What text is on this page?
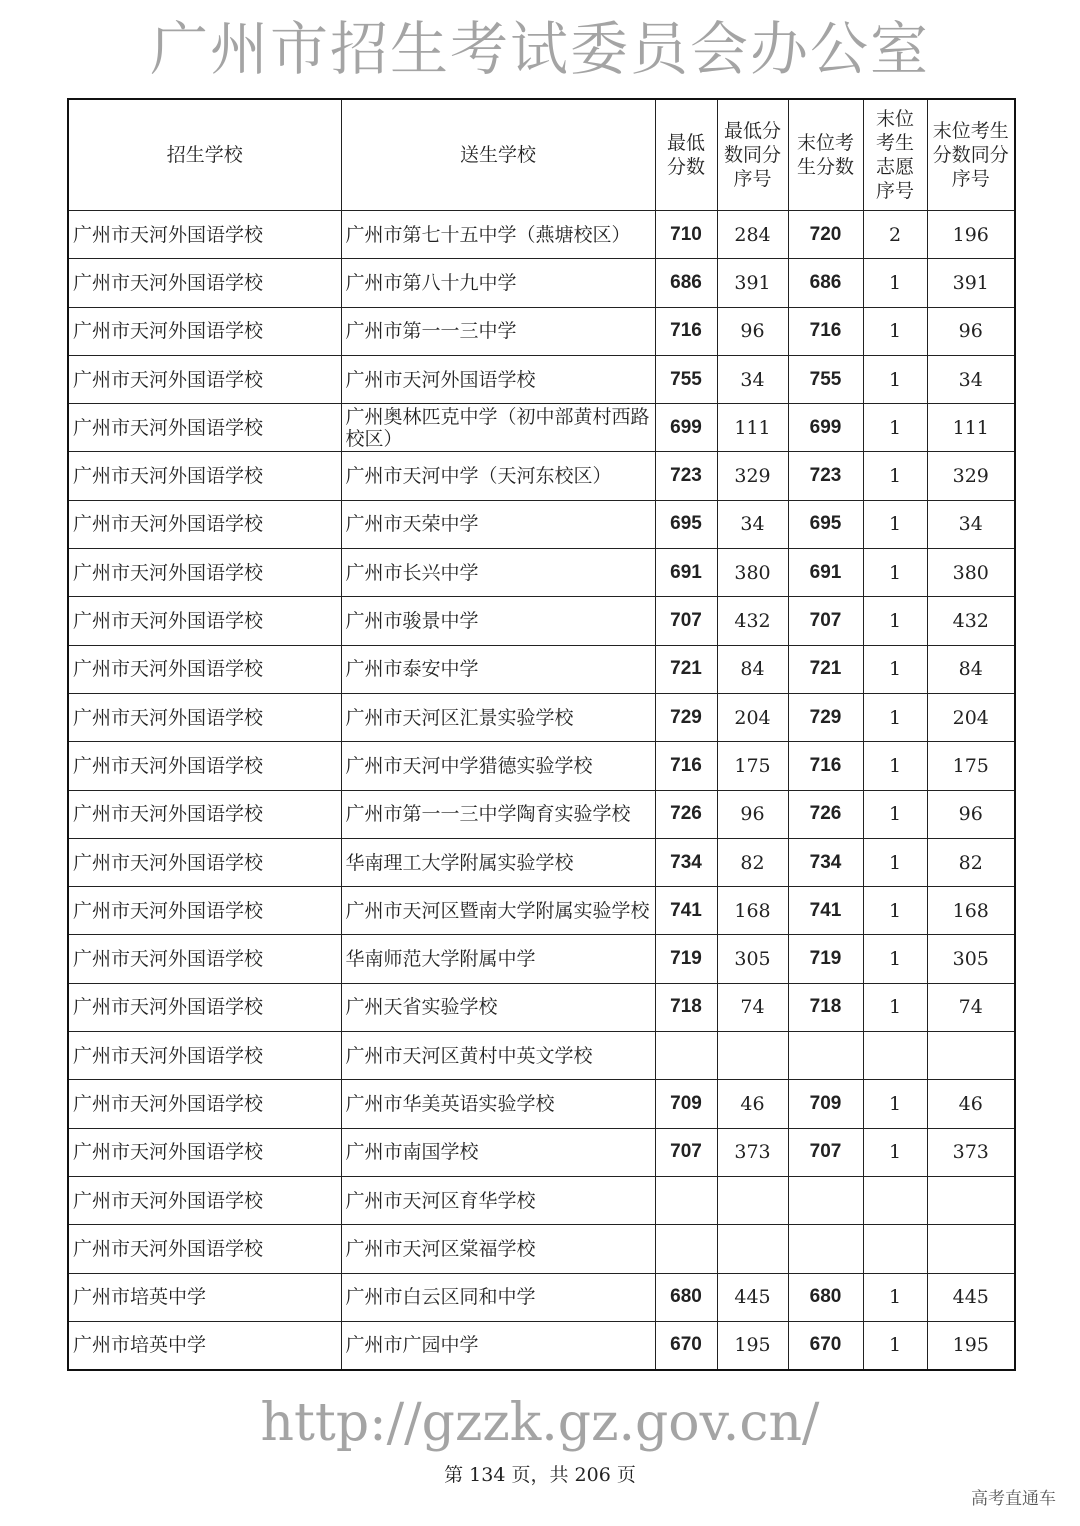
招生学校	送生学校	最低分数	最低分数同分序号	末位考生分数	末位考生志愿序号	末位考生分数同分序号
广州市天河外国语学校	广州市第七十五中学（燕塘校区）	710	284	720	2	196
广州市天河外国语学校	广州市第八十九中学	686	391	686	1	391
广州市天河外国语学校	广州市第一一三中学	716	96	716	1	96
广州市天河外国语学校	广州市天河外国语学校	755	34	755	1	34
广州市天河外国语学校	广州奥林匹克中学（初中部黄村西路校区）	699	111	699	1	111
广州市天河外国语学校	广州市天河中学（天河东校区）	723	329	723	1	329
广州市天河外国语学校	广州市天荣中学	695	34	695	1	34
广州市天河外国语学校	广州市长兴中学	691	380	691	1	380
广州市天河外国语学校	广州市骏景中学	707	432	707	1	432
广州市天河外国语学校	广州市泰安中学	721	84	721	1	84
广州市天河外国语学校	广州市天河区汇景实验学校	729	204	729	1	204
广州市天河外国语学校	广州市天河中学猎德实验学校	716	175	716	1	175
广州市天河外国语学校	广州市第一一三中学陶育实验学校	726	96	726	1	96
广州市天河外国语学校	华南理工大学附属实验学校	734	82	734	1	82
广州市天河外国语学校	广州市天河区暨南大学附属实验学校	741	168	741	1	168
广州市天河外国语学校	华南师范大学附属中学	719	305	719	1	305
广州市天河外国语学校	广州天省实验学校	718	74	718	1	74
广州市天河外国语学校	广州市天河区黄村中英文学校					
广州市天河外国语学校	广州市华美英语实验学校	709	46	709	1	46
广州市天河外国语学校	广州市南国学校	707	373	707	1	373
广州市天河外国语学校	广州市天河区育华学校					
广州市天河外国语学校	广州市天河区棠福学校					
广州市培英中学	广州市白云区同和中学	680	445	680	1	445
广州市培英中学	广州市广园中学	670	195	670	1	195
广州市招生考试委员会办公室
http://gzzk.gz.gov.cn/
第 134 页，共 206 页
高考直通车
